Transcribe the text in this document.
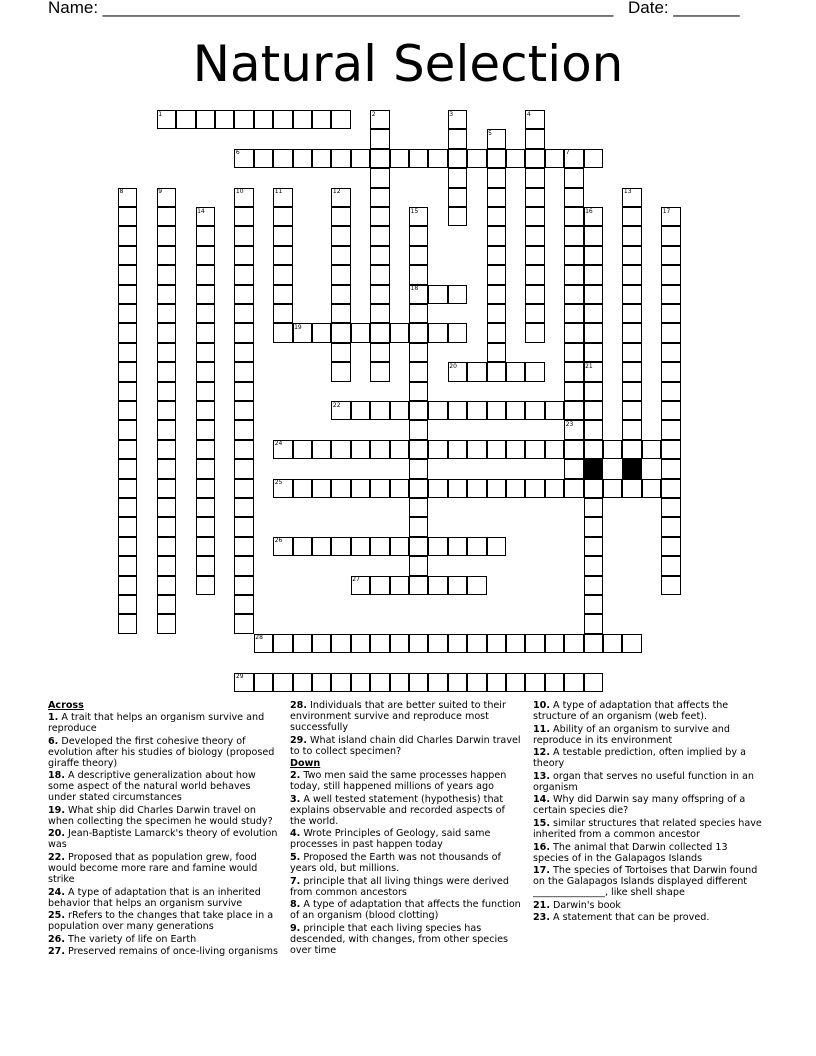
Name: ______________________________________________________ Date: _______
Natural Selection
1
6
18
19
20
22
24
25
26
27
28
29
2	3	4
5
7
8	9	10	11	12	13
14	15	16	17
21
23
Across
1. A trait that helps an organism survive and reproduce
6. Developed the first cohesive theory of evolution after his studies of biology (proposed giraffe theory)
18. A descriptive generalization about how some aspect of the natural world behaves under stated circumstances
19. What ship did Charles Darwin travel on when collecting the specimen he would study?
20. Jean-Baptiste Lamarck's theory of evolution was
22. Proposed that as population grew, food would become more rare and famine would strike
24. A type of adaptation that is an inherited behavior that helps an organism survive
25. rRefers to the changes that take place in a population over many generations
26. The variety of life on Earth
27. Preserved remains of once-living organisms
28. Individuals that are better suited to their environment survive and reproduce most successfully
29. What island chain did Charles Darwin travel to to collect specimen?
Down
2. Two men said the same processes happen today, still happened millions of years ago
3. A well tested statement (hypothesis) that explains observable and recorded aspects of the world.
4. Wrote Principles of Geology, said same processes in past happen today
5. Proposed the Earth was not thousands of years old, but millions.
7. principle that all living things were derived from common ancestors
8. A type of adaptation that affects the function of an organism (blood clotting)
9. principle that each living species has descended, with changes, from other species over time
10. A type of adaptation that affects the structure of an organism (web feet).
11. Ability of an organism to survive and reproduce in its environment
12. A testable prediction, often implied by a theory
13. organ that serves no useful function in an organism
14. Why did Darwin say many offspring of a certain species die?
15. similar structures that related species have inherited from a common ancestor
16. The animal that Darwin collected 13 species of in the Galapagos Islands
17. The species of Tortoises that Darwin found on the Galapagos Islands displayed different _______________, like shell shape
21. Darwin's book
23. A statement that can be proved.
